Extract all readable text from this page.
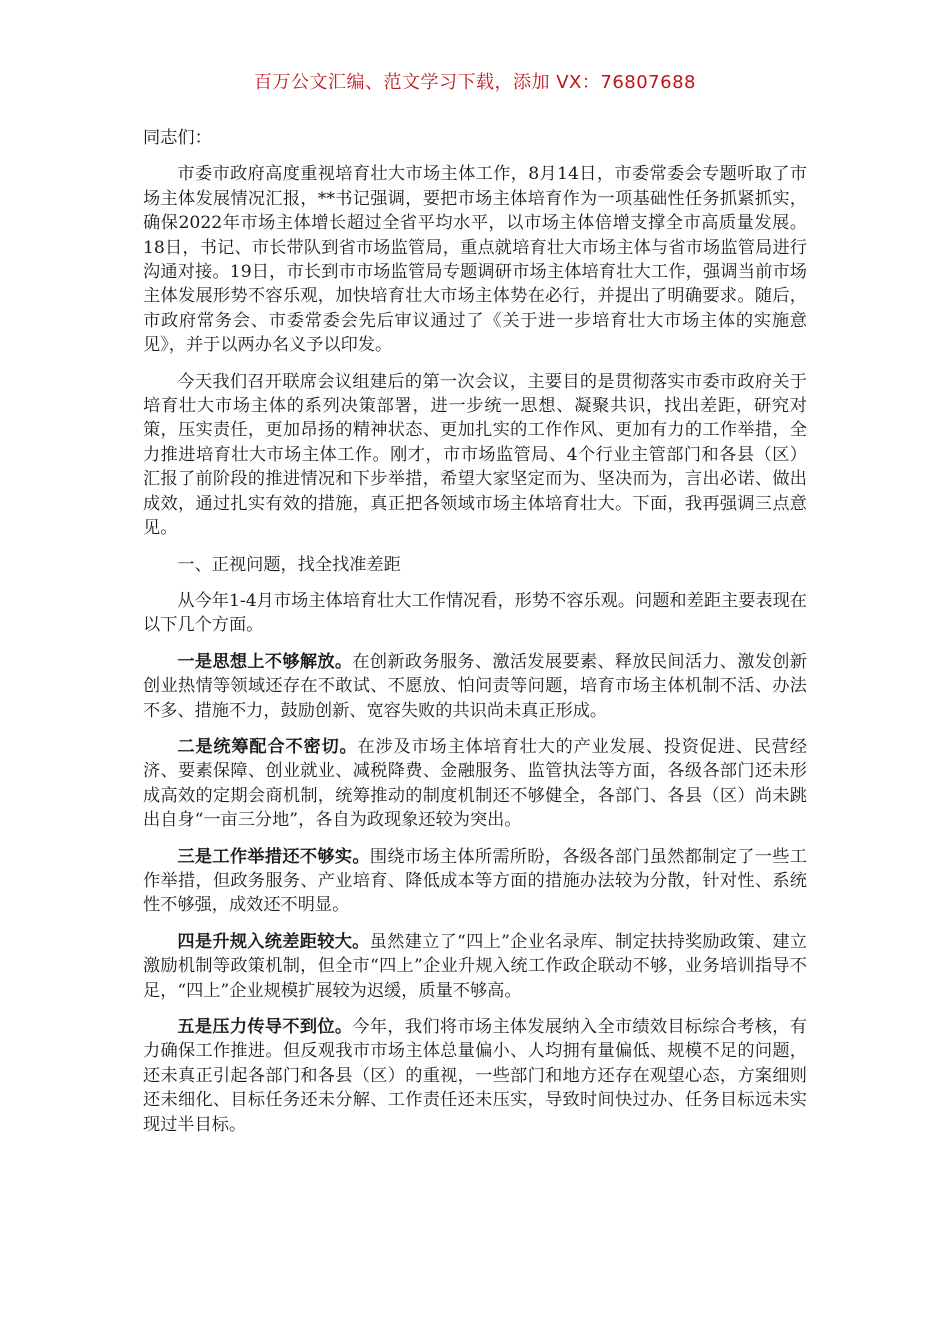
百万公文汇编、范文学习下载，添加 VX：76807688

同志们：

市委市政府高度重视培育壮大市场主体工作，8月14日，市委常委会专题听取了市场主体发展情况汇报，**书记强调，要把市场主体培育作为一项基础性任务抓紧抓实，确保2022年市场主体增长超过全省平均水平，以市场主体倍增支撑全市高质量发展。18日，书记、市长带队到省市场监管局，重点就培育壮大市场主体与省市场监管局进行沟通对接。19日，市长到市市场监管局专题调研市场主体培育壮大工作，强调当前市场主体发展形势不容乐观，加快培育壮大市场主体势在必行，并提出了明确要求。随后，市政府常务会、市委常委会先后审议通过了《关于进一步培育壮大市场主体的实施意见》，并于以两办名义予以印发。

今天我们召开联席会议组建后的第一次会议，主要目的是贯彻落实市委市政府关于培育壮大市场主体的系列决策部署，进一步统一思想、凝聚共识，找出差距，研究对策，压实责任，更加昂扬的精神状态、更加扎实的工作作风、更加有力的工作举措，全力推进培育壮大市场主体工作。刚才，市市场监管局、4个行业主管部门和各县（区）汇报了前阶段的推进情况和下步举措，希望大家坚定而为、坚决而为，言出必诺、做出成效，通过扎实有效的措施，真正把各领域市场主体培育壮大。下面，我再强调三点意见。

一、正视问题，找全找准差距

从今年1-4月市场主体培育壮大工作情况看，形势不容乐观。问题和差距主要表现在以下几个方面。

一是思想上不够解放。在创新政务服务、激活发展要素、释放民间活力、激发创新创业热情等领域还存在不敢试、不愿放、怕问责等问题，培育市场主体机制不活、办法不多、措施不力，鼓励创新、宽容失败的共识尚未真正形成。

二是统筹配合不密切。在涉及市场主体培育壮大的产业发展、投资促进、民营经济、要素保障、创业就业、减税降费、金融服务、监管执法等方面，各级各部门还未形成高效的定期会商机制，统筹推动的制度机制还不够健全，各部门、各县（区）尚未跳出自身“一亩三分地”，各自为政现象还较为突出。

三是工作举措还不够实。围绕市场主体所需所盼，各级各部门虽然都制定了一些工作举措，但政务服务、产业培育、降低成本等方面的措施办法较为分散，针对性、系统性不够强，成效还不明显。

四是升规入统差距较大。虽然建立了“四上”企业名录库、制定扶持奖励政策、建立激励机制等政策机制，但全市“四上”企业升规入统工作政企联动不够，业务培训指导不足，“四上”企业规模扩展较为迟缓，质量不够高。

五是压力传导不到位。今年，我们将市场主体发展纳入全市绩效目标综合考核，有力确保工作推进。但反观我市市场主体总量偏小、人均拥有量偏低、规模不足的问题，还未真正引起各部门和各县（区）的重视，一些部门和地方还存在观望心态，方案细则还未细化、目标任务还未分解、工作责任还未压实，导致时间快过办、任务目标远未实现过半目标。
